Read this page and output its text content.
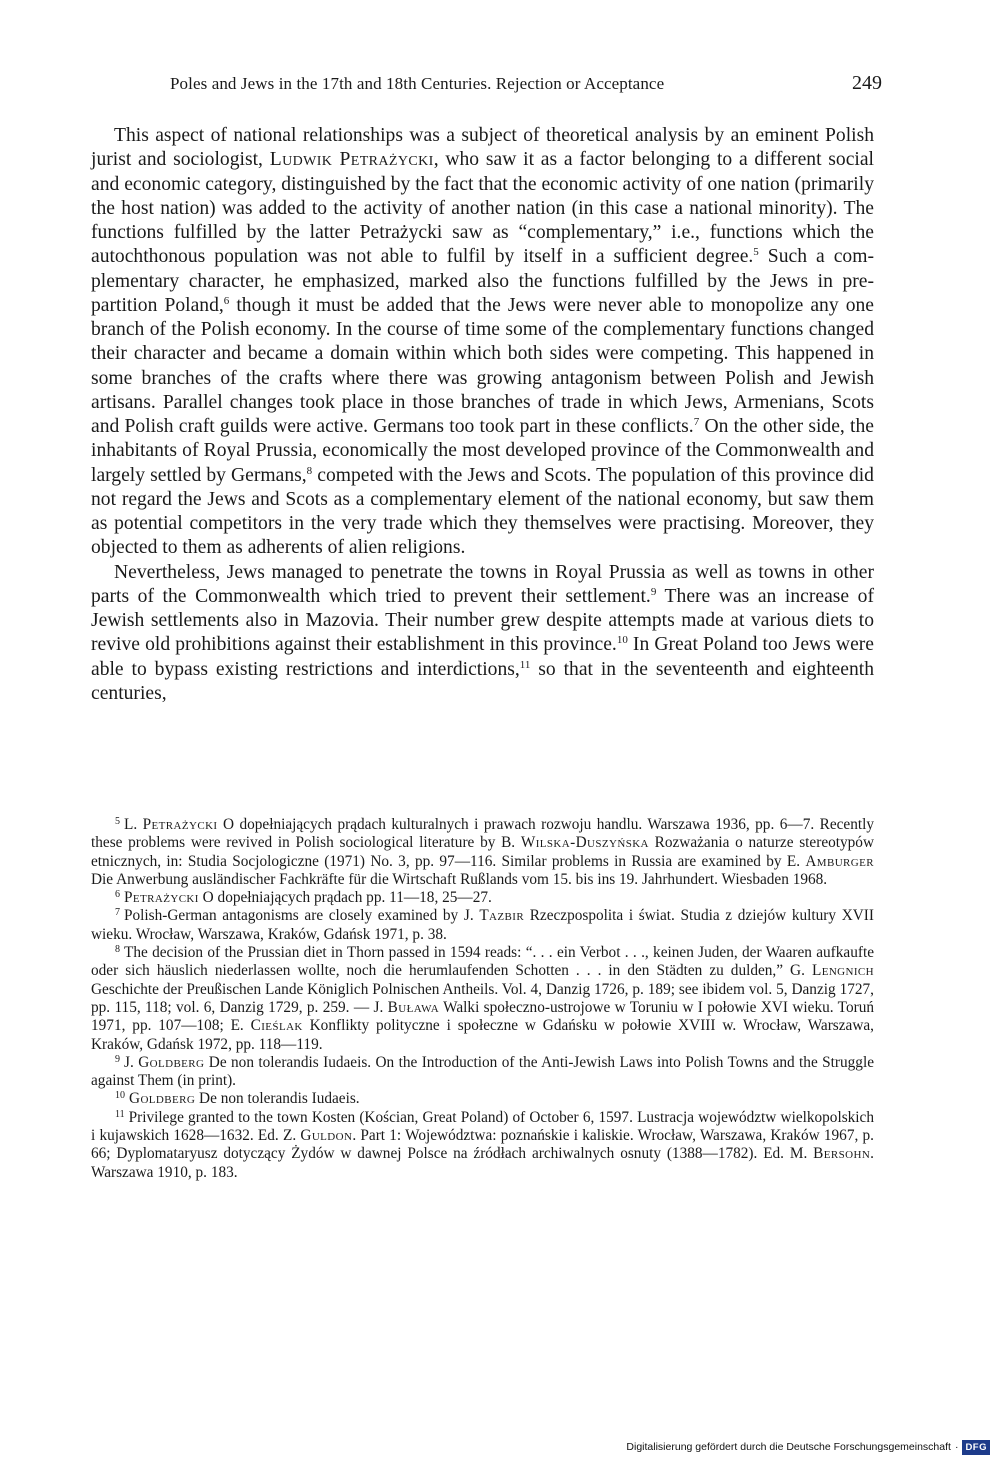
Poles and Jews in the 17th and 18th Centuries. Rejection or Acceptance	249

This aspect of national relationships was a subject of theoretical analysis by an eminent Polish jurist and sociologist, Ludwik Petrażycki, who saw it as a factor belonging to a different social and economic category, distinguished by the fact that the economic activity of one nation (primarily the host nation) was added to the activity of another nation (in this case a national minority). The functions fulfilled by the latter Petrażycki saw as “complementary,” i.e., functions which the autochthonous population was not able to fulfil by itself in a sufficient degree.$^5$ Such a complementary character, he emphasized, marked also the functions fulfilled by the Jews in pre-partition Poland,$^6$ though it must be added that the Jews were never able to monopolize any one branch of the Polish economy. In the course of time some of the complementary functions changed their character and became a domain within which both sides were competing. This happened in some branches of the crafts where there was growing antagonism between Polish and Jewish artisans. Parallel changes took place in those branches of trade in which Jews, Armenians, Scots and Polish craft guilds were active. Germans too took part in these conflicts.$^7$ On the other side, the inhabitants of Royal Prussia, economically the most developed province of the Commonwealth and largely settled by Germans,$^8$ competed with the Jews and Scots. The population of this province did not regard the Jews and Scots as a complementary element of the national economy, but saw them as potential competitors in the very trade which they themselves were practising. Moreover, they objected to them as adherents of alien religions.

Nevertheless, Jews managed to penetrate the towns in Royal Prussia as well as towns in other parts of the Commonwealth which tried to prevent their settlement.$^9$ There was an increase of Jewish settlements also in Mazovia. Their number grew despite attempts made at various diets to revive old prohibitions against their establishment in this province.$^{10}$ In Great Poland too Jews were able to bypass existing restrictions and interdictions,$^{11}$ so that in the seventeenth and eighteenth centuries,

$^5$ L. Petrażycki O dopełniających prądach kulturalnych i prawach rozwoju handlu. Warszawa 1936, pp. 6—7. Recently these problems were revived in Polish sociological literature by B. Wilska-Duszyńska Rozważania o naturze stereotypów etnicznych, in: Studia Socjologiczne (1971) No. 3, pp. 97—116. Similar problems in Russia are examined by E. Amburger Die Anwerbung ausländischer Fachkräfte für die Wirtschaft Rußlands vom 15. bis ins 19. Jahrhundert. Wiesbaden 1968.

$^6$ Petrażycki O dopełniających prądach pp. 11—18, 25—27.

$^7$ Polish-German antagonisms are closely examined by J. Tazbir Rzeczpospolita i świat. Studia z dziejów kultury XVII wieku. Wrocław, Warszawa, Kraków, Gdańsk 1971, p. 38.

$^8$ The decision of the Prussian diet in Thorn passed in 1594 reads: “. . . ein Verbot . . ., keinen Juden, der Waaren aufkaufte oder sich häuslich niederlassen wollte, noch die herumlaufenden Schotten . . . in den Städten zu dulden,” G. Lengnich Geschichte der Preußischen Lande Königlich Polnischen Antheils. Vol. 4, Danzig 1726, p. 189; see ibidem vol. 5, Danzig 1727, pp. 115, 118; vol. 6, Danzig 1729, p. 259. — J. Buława Walki społeczno-ustrojowe w Toruniu w I połowie XVI wieku. Toruń 1971, pp. 107—108; E. Cieślak Konflikty polityczne i społeczne w Gdańsku w połowie XVIII w. Wrocław, Warszawa, Kraków, Gdańsk 1972, pp. 118—119.

$^9$ J. Goldberg De non tolerandis Iudaeis. On the Introduction of the Anti-Jewish Laws into Polish Towns and the Struggle against Them (in print).

$^{10}$ Goldberg De non tolerandis Iudaeis.

$^{11}$ Privilege granted to the town Kosten (Kościan, Great Poland) of October 6, 1597. Lustracja województw wielkopolskich i kujawskich 1628—1632. Ed. Z. Guldon. Part 1: Województwa: poznańskie i kaliskie. Wrocław, Warszawa, Kraków 1967, p. 66; Dyplomataryusz dotyczący Żydów w dawnej Polsce na źródłach archiwalnych osnuty (1388—1782). Ed. M. Bersohn. Warszawa 1910, p. 183.

Digitalisierung gefördert durch die Deutsche Forschungsgemeinschaft · DFG
